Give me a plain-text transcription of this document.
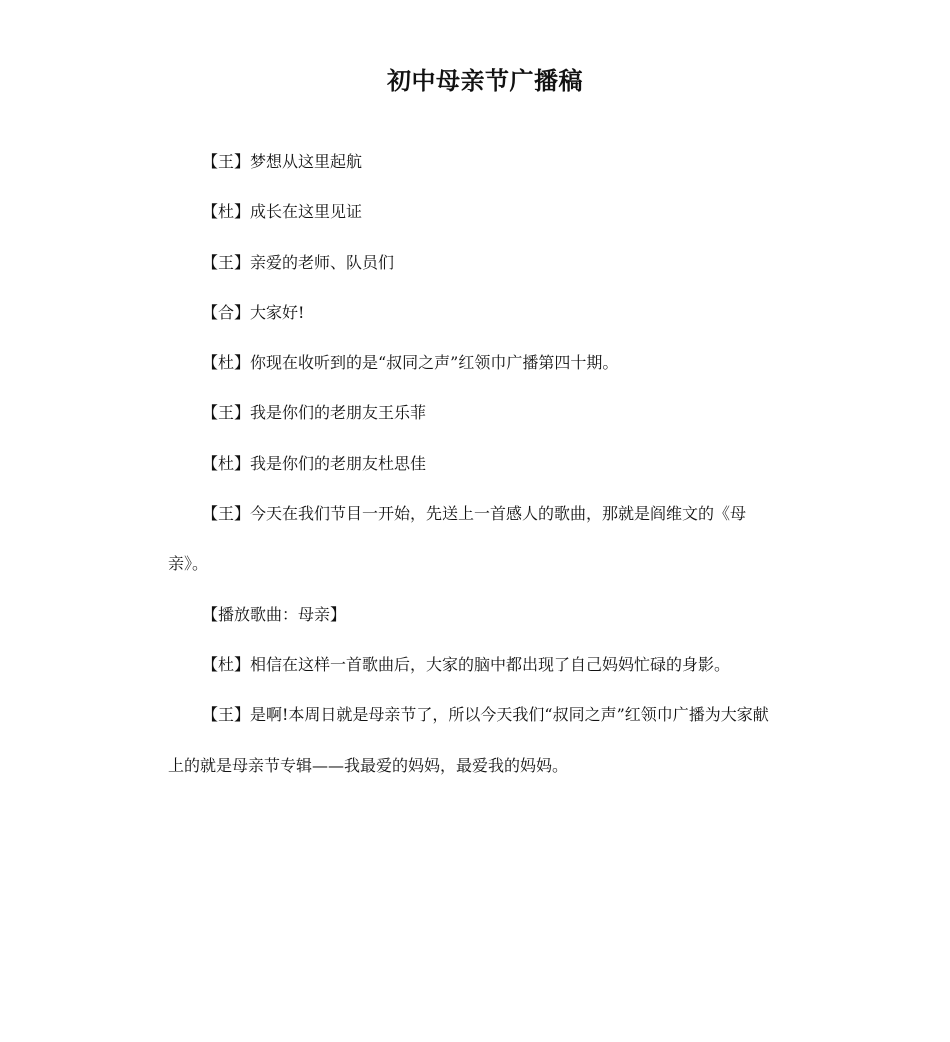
初中母亲节广播稿

【王】梦想从这里起航

【杜】成长在这里见证

【王】亲爱的老师、队员们

【合】大家好!

【杜】你现在收听到的是“叔同之声”红领巾广播第四十期。

【王】我是你们的老朋友王乐菲

【杜】我是你们的老朋友杜思佳

【王】今天在我们节目一开始，先送上一首感人的歌曲，那就是阎维文的《母亲》。

【播放歌曲：母亲】

【杜】相信在这样一首歌曲后，大家的脑中都出现了自己妈妈忙碌的身影。

【王】是啊!本周日就是母亲节了，所以今天我们“叔同之声”红领巾广播为大家献上的就是母亲节专辑——我最爱的妈妈，最爱我的妈妈。
